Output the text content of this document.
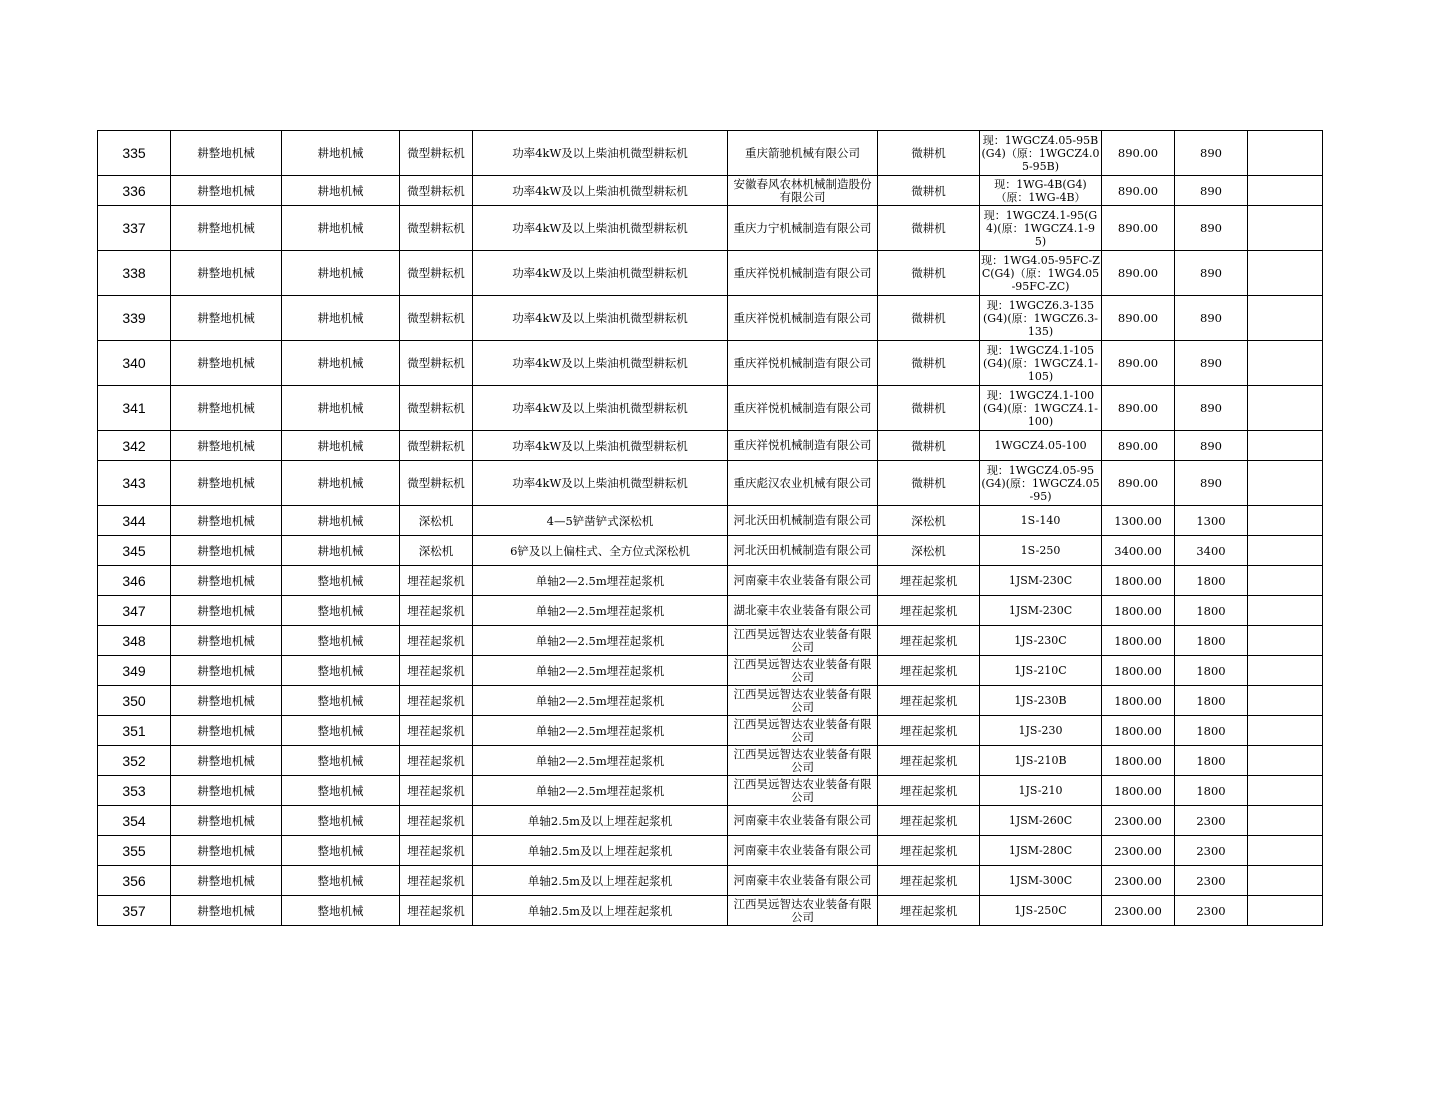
335	耕整地机械	耕地机械	微型耕耘机	功率4kW及以上柴油机微型耕耘机	重庆箭驰机械有限公司	微耕机	现：1WGCZ4.05-95B(G4)（原：1WGCZ4.05-95B)	890.00	890	
336	耕整地机械	耕地机械	微型耕耘机	功率4kW及以上柴油机微型耕耘机	安徽春风农林机械制造股份有限公司	微耕机	现：1WG-4B(G4)（原：1WG-4B）	890.00	890	
337	耕整地机械	耕地机械	微型耕耘机	功率4kW及以上柴油机微型耕耘机	重庆力宁机械制造有限公司	微耕机	现：1WGCZ4.1-95(G4)(原：1WGCZ4.1-95)	890.00	890	
338	耕整地机械	耕地机械	微型耕耘机	功率4kW及以上柴油机微型耕耘机	重庆祥悦机械制造有限公司	微耕机	现：1WG4.05-95FC-ZC(G4)（原：1WG4.05-95FC-ZC)	890.00	890	
339	耕整地机械	耕地机械	微型耕耘机	功率4kW及以上柴油机微型耕耘机	重庆祥悦机械制造有限公司	微耕机	现：1WGCZ6.3-135(G4)(原：1WGCZ6.3-135)	890.00	890	
340	耕整地机械	耕地机械	微型耕耘机	功率4kW及以上柴油机微型耕耘机	重庆祥悦机械制造有限公司	微耕机	现：1WGCZ4.1-105(G4)(原：1WGCZ4.1-105)	890.00	890	
341	耕整地机械	耕地机械	微型耕耘机	功率4kW及以上柴油机微型耕耘机	重庆祥悦机械制造有限公司	微耕机	现：1WGCZ4.1-100(G4)(原：1WGCZ4.1-100)	890.00	890	
342	耕整地机械	耕地机械	微型耕耘机	功率4kW及以上柴油机微型耕耘机	重庆祥悦机械制造有限公司	微耕机	1WGCZ4.05-100	890.00	890	
343	耕整地机械	耕地机械	微型耕耘机	功率4kW及以上柴油机微型耕耘机	重庆彪汉农业机械有限公司	微耕机	现：1WGCZ4.05-95(G4)(原：1WGCZ4.05-95)	890.00	890	
344	耕整地机械	耕地机械	深松机	4—5铲凿铲式深松机	河北沃田机械制造有限公司	深松机	1S-140	1300.00	1300	
345	耕整地机械	耕地机械	深松机	6铲及以上偏柱式、全方位式深松机	河北沃田机械制造有限公司	深松机	1S-250	3400.00	3400	
346	耕整地机械	整地机械	埋茬起浆机	单轴2—2.5m埋茬起浆机	河南豪丰农业装备有限公司	埋茬起浆机	1JSM-230C	1800.00	1800	
347	耕整地机械	整地机械	埋茬起浆机	单轴2—2.5m埋茬起浆机	湖北豪丰农业装备有限公司	埋茬起浆机	1JSM-230C	1800.00	1800	
348	耕整地机械	整地机械	埋茬起浆机	单轴2—2.5m埋茬起浆机	江西昊远智达农业装备有限公司	埋茬起浆机	1JS-230C	1800.00	1800	
349	耕整地机械	整地机械	埋茬起浆机	单轴2—2.5m埋茬起浆机	江西昊远智达农业装备有限公司	埋茬起浆机	1JS-210C	1800.00	1800	
350	耕整地机械	整地机械	埋茬起浆机	单轴2—2.5m埋茬起浆机	江西昊远智达农业装备有限公司	埋茬起浆机	1JS-230B	1800.00	1800	
351	耕整地机械	整地机械	埋茬起浆机	单轴2—2.5m埋茬起浆机	江西昊远智达农业装备有限公司	埋茬起浆机	1JS-230	1800.00	1800	
352	耕整地机械	整地机械	埋茬起浆机	单轴2—2.5m埋茬起浆机	江西昊远智达农业装备有限公司	埋茬起浆机	1JS-210B	1800.00	1800	
353	耕整地机械	整地机械	埋茬起浆机	单轴2—2.5m埋茬起浆机	江西昊远智达农业装备有限公司	埋茬起浆机	1JS-210	1800.00	1800	
354	耕整地机械	整地机械	埋茬起浆机	单轴2.5m及以上埋茬起浆机	河南豪丰农业装备有限公司	埋茬起浆机	1JSM-260C	2300.00	2300	
355	耕整地机械	整地机械	埋茬起浆机	单轴2.5m及以上埋茬起浆机	河南豪丰农业装备有限公司	埋茬起浆机	1JSM-280C	2300.00	2300	
356	耕整地机械	整地机械	埋茬起浆机	单轴2.5m及以上埋茬起浆机	河南豪丰农业装备有限公司	埋茬起浆机	1JSM-300C	2300.00	2300	
357	耕整地机械	整地机械	埋茬起浆机	单轴2.5m及以上埋茬起浆机	江西昊远智达农业装备有限公司	埋茬起浆机	1JS-250C	2300.00	2300	
